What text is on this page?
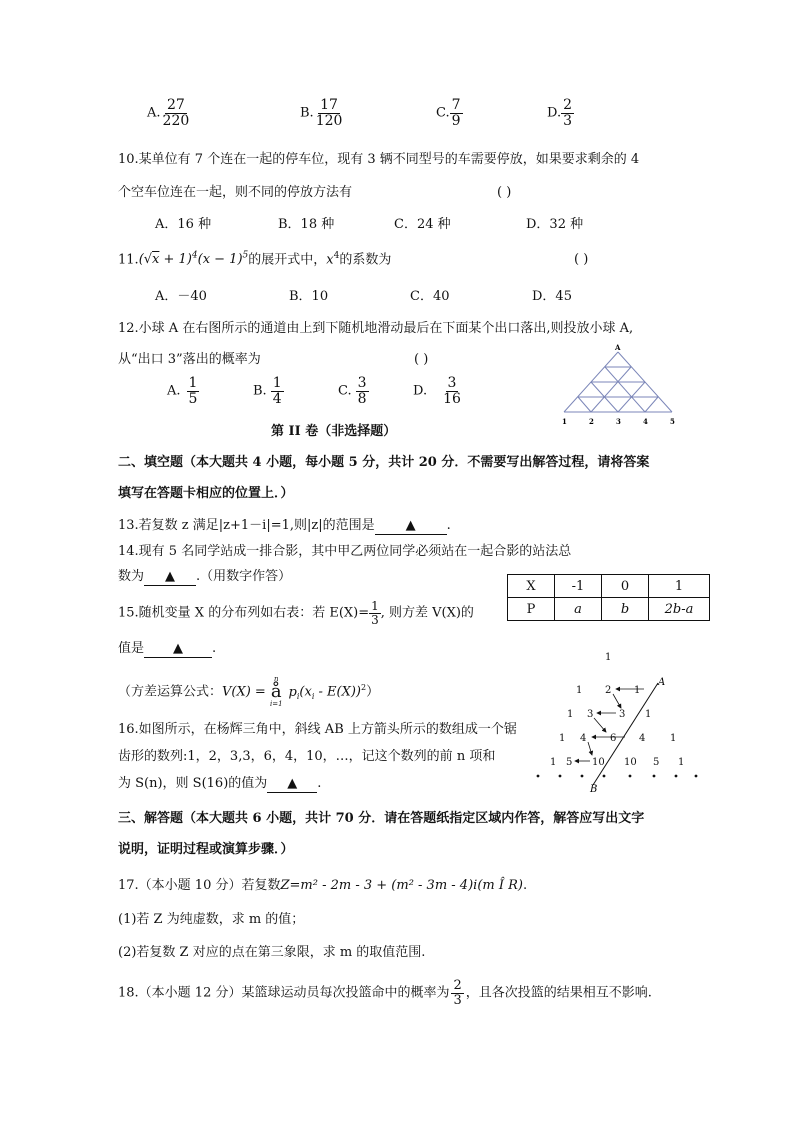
A. $\frac{27}{220}$	B. $\frac{17}{120}$	C. $\frac{7}{9}$	D. $\frac{2}{3}$
10.某单位有 7 个连在一起的停车位，现有 3 辆不同型号的车需要停放，如果要求剩余的 4
个空车位连在一起，则不同的停放方法有	( )
A．16 种	B．18 种	C．24 种	D．32 种
$11.(√x + 1)^4(x - 1)^5$的展开式中，$x^4$的系数为	( )
A．－40	B．10	C．40	D．45
12.小球 A 在右图所示的通道由上到下随机地滑动最后在下面某个出口落出,则投放小球 A,
从“出口 3”落出的概率为	( )
A. $\frac{1}{5}$	B. $\frac{1}{4}$	C. $\frac{3}{8}$	D. $\frac{3}{16}$
A
1	2	3	4	5
第 II 卷（非选择题）
二、填空题（本大题共 4 小题，每小题 5 分，共计 20 分．不需要写出解答过程，请将答案
填写在答题卡相应的位置上．）
13.若复数 z 满足|z+1－i|=1,则|z|的范围是 ▲ .
14.现有 5 名同学站成一排合影，其中甲乙两位同学必须站在一起合影的站法总
数为 ▲ .（用数字作答）
X	-1	0	1
P	a	b	2b-a
15.随机变量 X 的分布列如右表：若 $E(X)= \frac{1}{3}$ , 则方差 V(X)的
值是 ▲ .
（方差运算公式：V(X) =
n
å
i=1
$p_i(x_i - E(X))^2$）
16.如图所示，在杨辉三角中，斜线 AB 上方箭头所示的数组成一个锯
齿形的数列:1，2，3,3，6，4，10，…，记这个数列的前 n 项和
为 S(n)，则 S(16)的值为 ▲ .
1
1 2 1
1 3	3 1
1 4 6 4 1
1 5 10 10 5 1
A
B
三、解答题（本大题共 6 小题，共计 70 分．请在答题纸指定区域内作答，解答应写出文字
说明，证明过程或演算步骤．）
17.（本小题 10 分）若复数Z=m² - 2m - 3 + (m² - 3m - 4)i(m Î R).
(1)若 Z 为纯虚数，求 m 的值；
(2)若复数 Z 对应的点在第三象限，求 m 的取值范围.
18.（本小题 12 分）某篮球运动员每次投篮命中的概率为 $\frac{2}{3}$ ，且各次投篮的结果相互不影响.
